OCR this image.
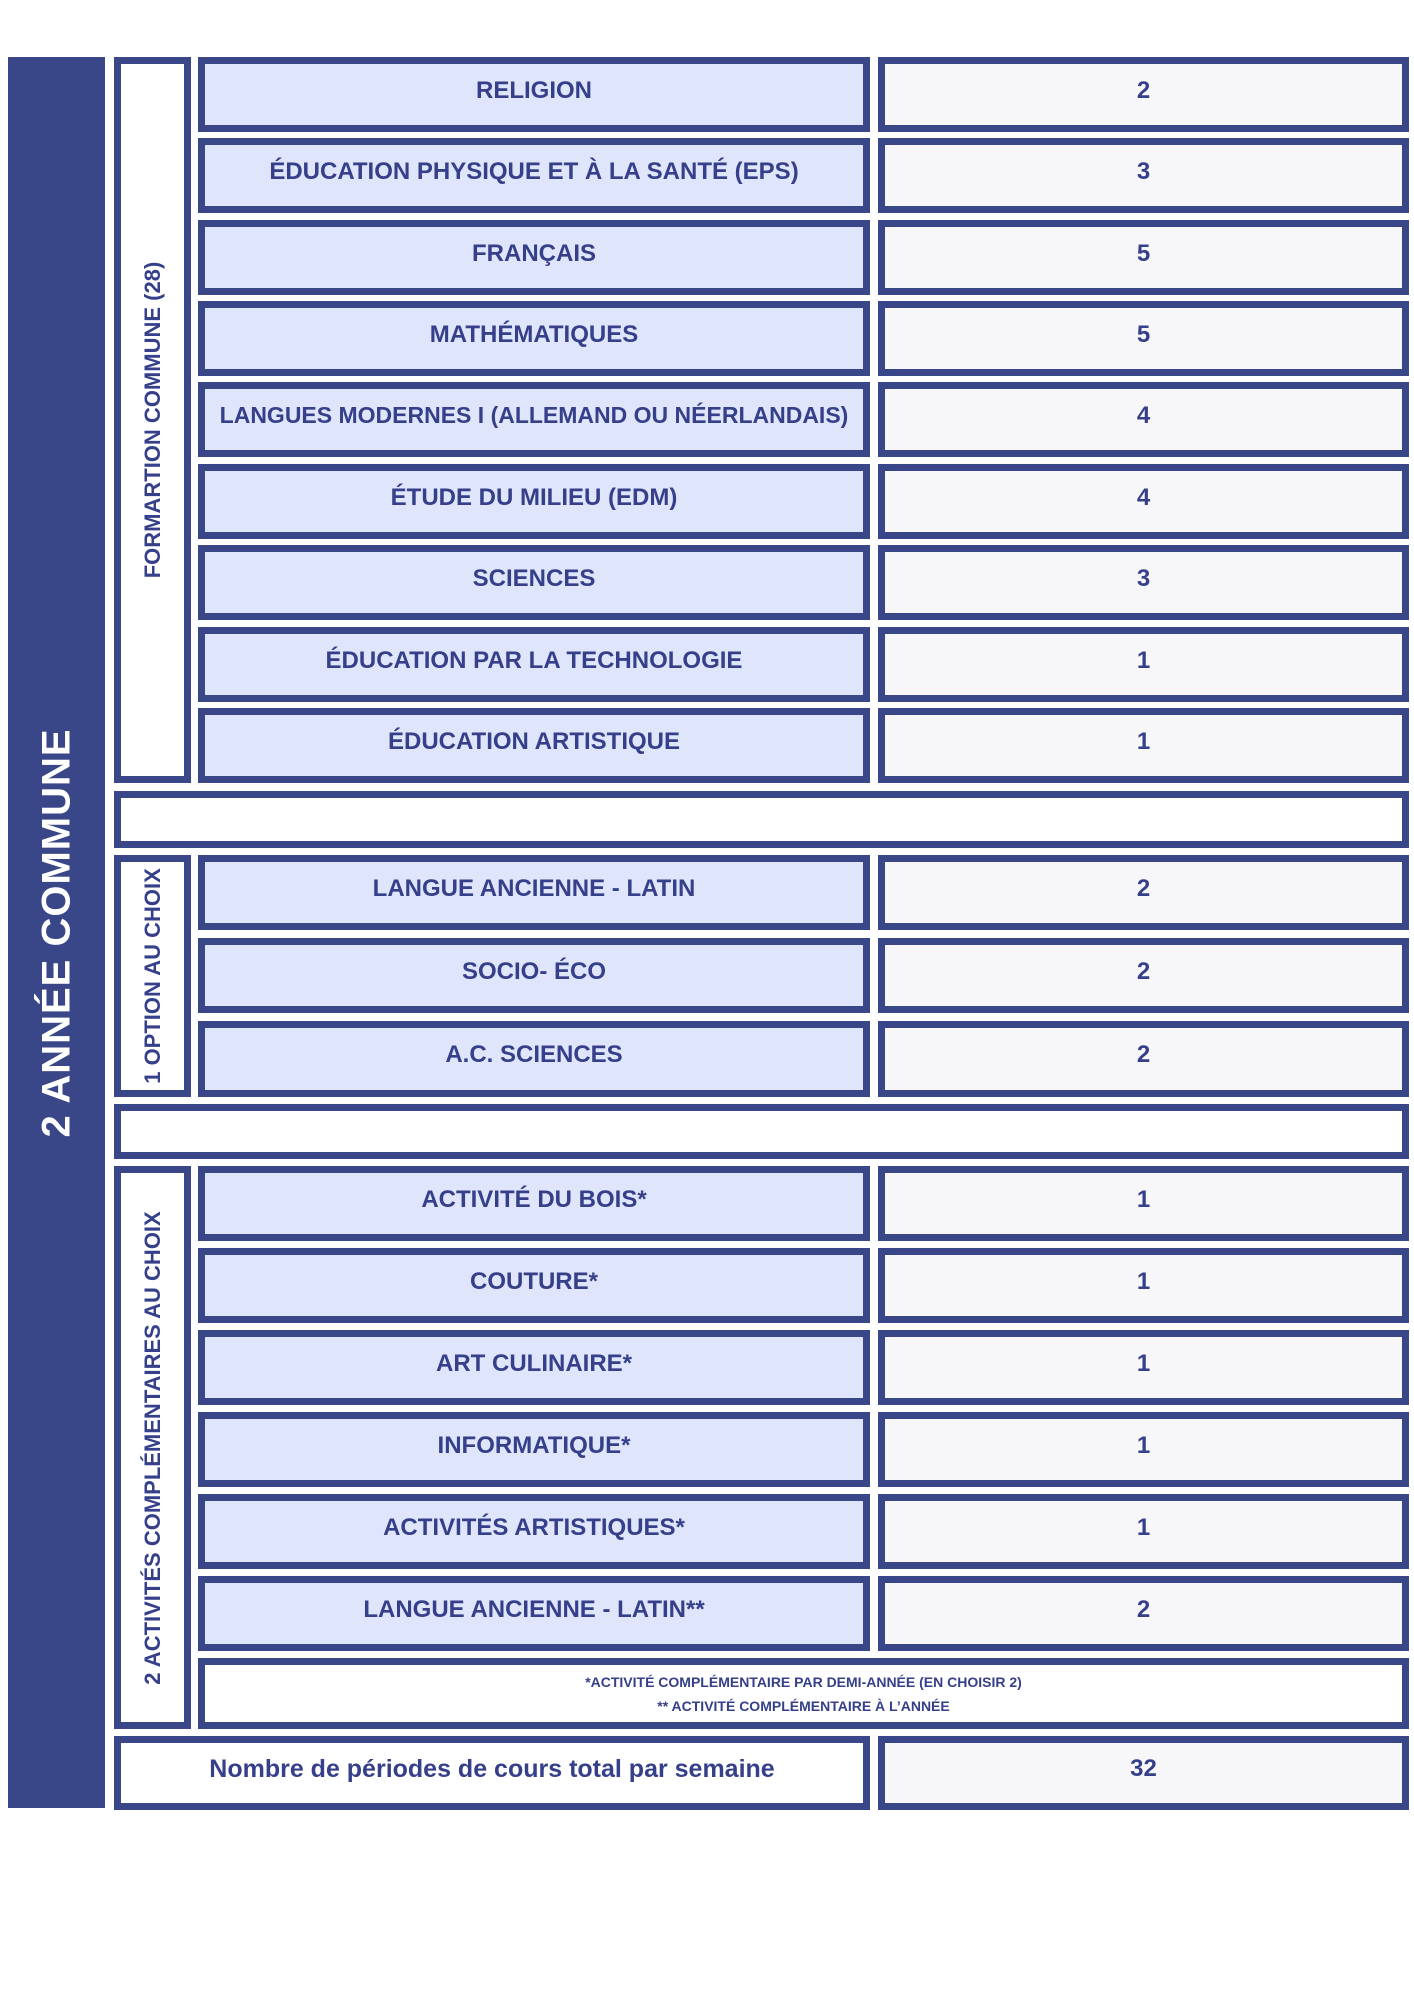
2 ANNÉE COMMUNE
FORMARTION COMMUNE (28)
1 OPTION AU CHOIX
2 ACTIVITÉS COMPLÉMENTAIRES AU CHOIX
RELIGION	2
ÉDUCATION PHYSIQUE ET À LA SANTÉ (EPS)	3
FRANÇAIS	5
MATHÉMATIQUES	5
LANGUES MODERNES I (ALLEMAND OU NÉERLANDAIS)	4
ÉTUDE DU MILIEU (EDM)	4
SCIENCES	3
ÉDUCATION PAR LA TECHNOLOGIE	1
ÉDUCATION ARTISTIQUE	1
LANGUE ANCIENNE - LATIN	2
SOCIO- ÉCO	2
A.C. SCIENCES	2
ACTIVITÉ DU BOIS*	1
COUTURE*	1
ART CULINAIRE*	1
INFORMATIQUE*	1
ACTIVITÉS ARTISTIQUES*	1
LANGUE ANCIENNE - LATIN**	2
*ACTIVITÉ COMPLÉMENTAIRE PAR DEMI-ANNÉE (EN CHOISIR 2)
** ACTIVITÉ COMPLÉMENTAIRE À L’ANNÉE
Nombre de périodes de cours total par semaine	32
